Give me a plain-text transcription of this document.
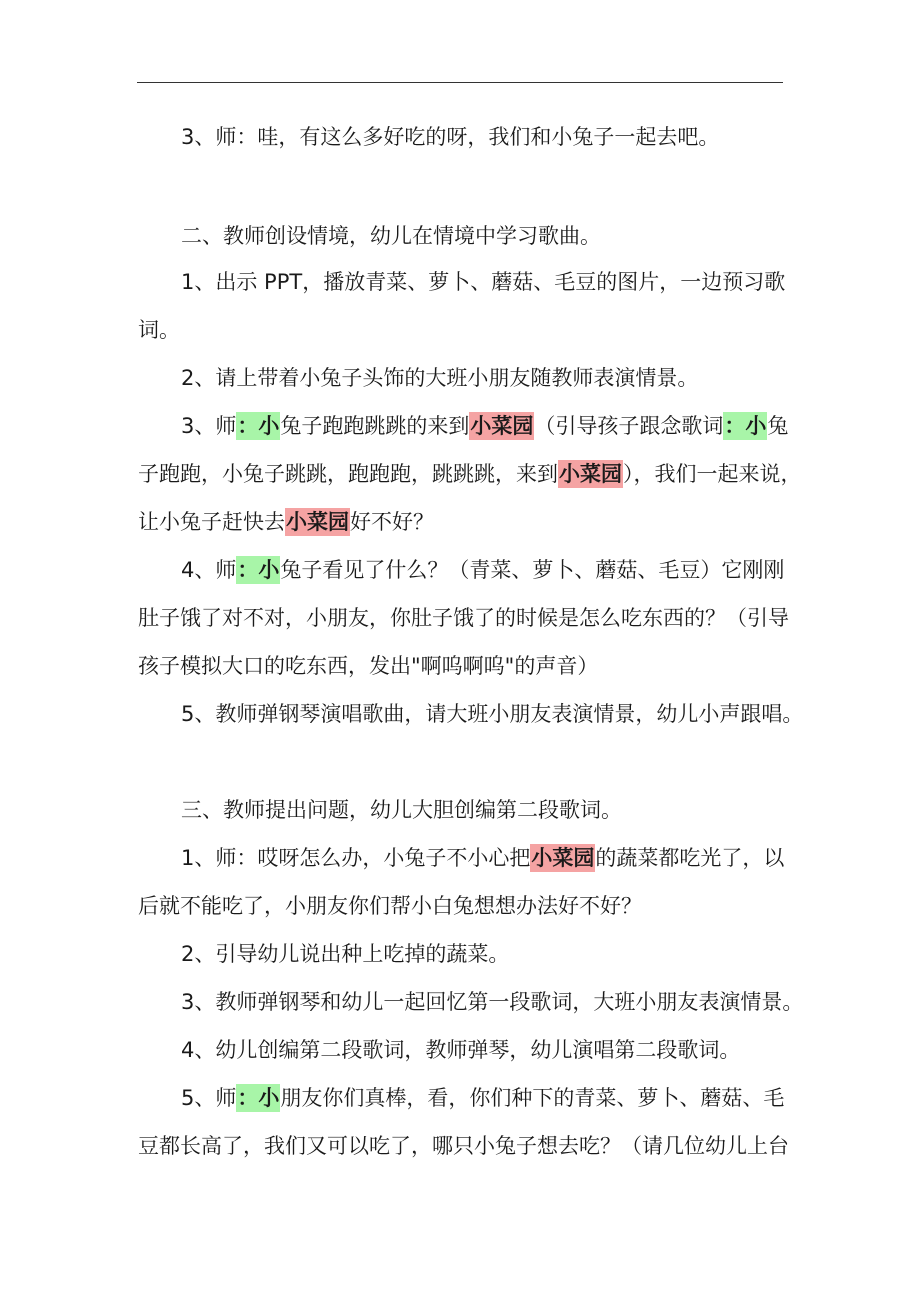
3、师：哇，有这么多好吃的呀，我们和小兔子一起去吧。
二、教师创设情境，幼儿在情境中学习歌曲。
1、出示 PPT，播放青菜、萝卜、蘑菇、毛豆的图片，一边预习歌
词。
2、请上带着小兔子头饰的大班小朋友随教师表演情景。
3、师：小兔子跑跑跳跳的来到小菜园（引导孩子跟念歌词：小兔
子跑跑，小兔子跳跳，跑跑跑，跳跳跳，来到小菜园），我们一起来说，
让小兔子赶快去小菜园好不好？
4、师：小兔子看见了什么？（青菜、萝卜、蘑菇、毛豆）它刚刚
肚子饿了对不对，小朋友，你肚子饿了的时候是怎么吃东西的？（引导
孩子模拟大口的吃东西，发出"啊呜啊呜"的声音）
5、教师弹钢琴演唱歌曲，请大班小朋友表演情景，幼儿小声跟唱。
三、教师提出问题，幼儿大胆创编第二段歌词。
1、师：哎呀怎么办，小兔子不小心把小菜园的蔬菜都吃光了，以
后就不能吃了，小朋友你们帮小白兔想想办法好不好？
2、引导幼儿说出种上吃掉的蔬菜。
3、教师弹钢琴和幼儿一起回忆第一段歌词，大班小朋友表演情景。
4、幼儿创编第二段歌词，教师弹琴，幼儿演唱第二段歌词。
5、师：小朋友你们真棒，看，你们种下的青菜、萝卜、蘑菇、毛
豆都长高了，我们又可以吃了，哪只小兔子想去吃？（请几位幼儿上台
